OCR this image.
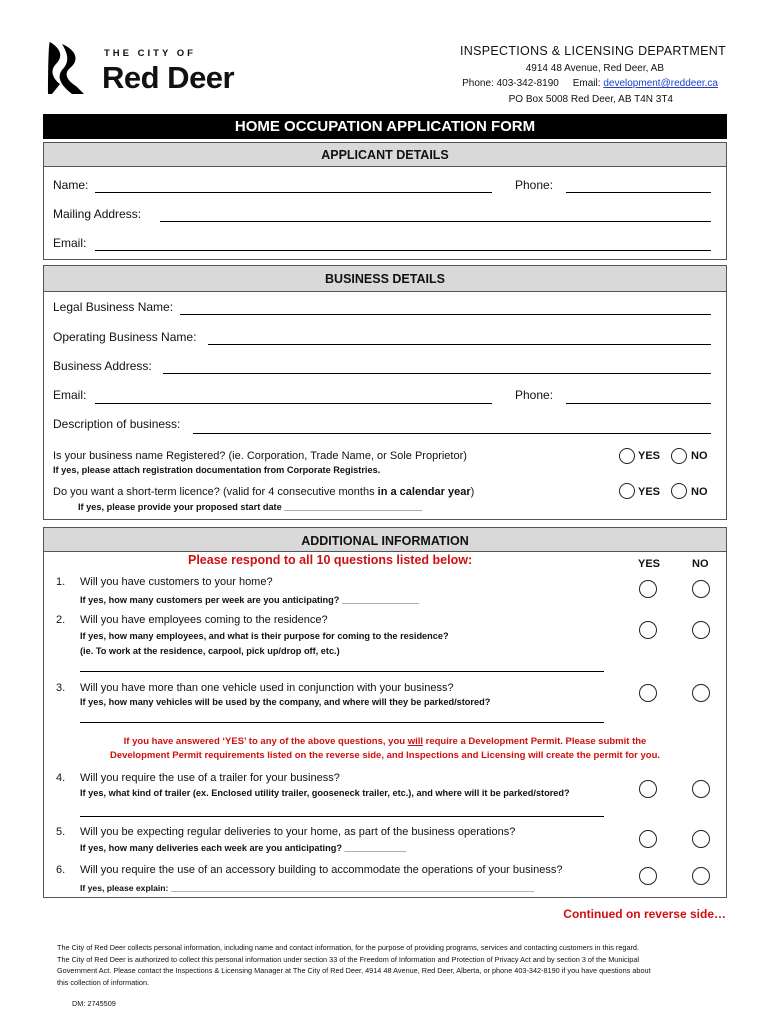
THE CITY OF
Red Deer
INSPECTIONS & LICENSING DEPARTMENT
4914 48 Avenue, Red Deer, AB
Phone: 403-342-8190 Email: development@reddeer.ca
PO Box 5008 Red Deer, AB T4N 3T4
HOME OCCUPATION APPLICATION FORM
APPLICANT DETAILS
Name:	Phone:
Mailing Address:
Email:
BUSINESS DETAILS
Legal Business Name:
Operating Business Name:
Business Address:
Email:	Phone:
Description of business:
Is your business name Registered? (ie. Corporation, Trade Name, or Sole Proprietor)
If yes, please attach registration documentation from Corporate Registries.
YES	NO
Do you want a short-term licence? (valid for 4 consecutive months in a calendar year)
If yes, please provide your proposed start date ___________________________
YES	NO
ADDITIONAL INFORMATION
Please respond to all 10 questions listed below:	YES	NO
1. Will you have customers to your home?
If yes, how many customers per week are you anticipating? _______________
2. Will you have employees coming to the residence?
If yes, how many employees, and what is their purpose for coming to the residence?
(ie. To work at the residence, carpool, pick up/drop off, etc.)
3. Will you have more than one vehicle used in conjunction with your business?
If yes, how many vehicles will be used by the company, and where will they be parked/stored?
If you have answered ‘YES’ to any of the above questions, you will require a Development Permit. Please submit the
Development Permit requirements listed on the reverse side, and Inspections and Licensing will create the permit for you.
4. Will you require the use of a trailer for your business?
If yes, what kind of trailer (ex. Enclosed utility trailer, gooseneck trailer, etc.), and where will it be parked/stored?
5. Will you be expecting regular deliveries to your home, as part of the business operations?
If yes, how many deliveries each week are you anticipating? ____________
6. Will you require the use of an accessory building to accommodate the operations of your business?
If yes, please explain: ____________________________________________________________________________
Continued on reverse side…
The City of Red Deer collects personal information, including name and contact information, for the purpose of providing programs, services and contacting customers in this regard.
The City of Red Deer is authorized to collect this personal information under section 33 of the Freedom of Information and Protection of Privacy Act and by section 3 of the Municipal
Government Act. Please contact the Inspections & Licensing Manager at The City of Red Deer, 4914 48 Avenue, Red Deer, Alberta, or phone 403-342-8190 if you have questions about
this collection of information.
DM: 2745509
